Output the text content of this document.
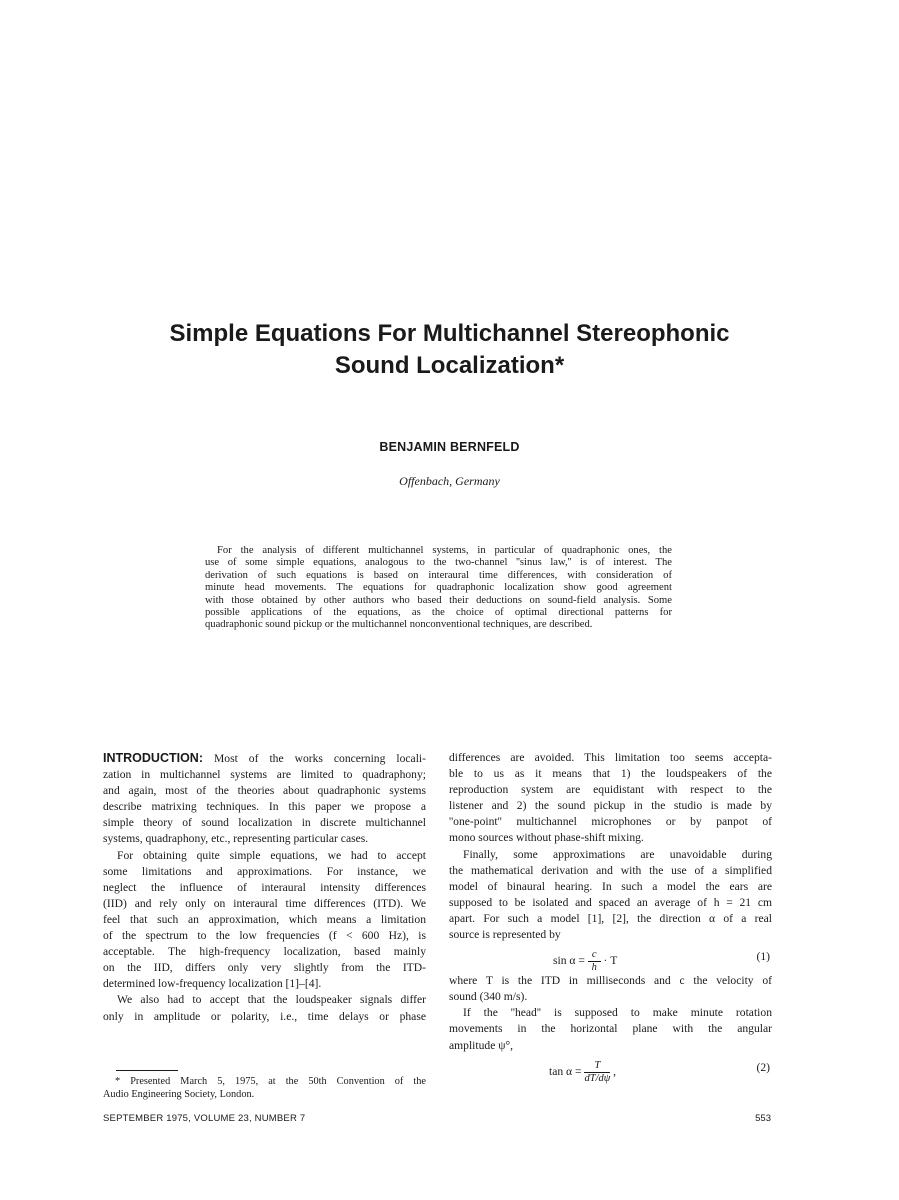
Simple Equations For Multichannel Stereophonic
Sound Localization*
BENJAMIN BERNFELD
Offenbach, Germany
For the analysis of different multichannel systems, in particular of quadraphonic ones, the
use of some simple equations, analogous to the two-channel ''sinus law,'' is of interest. The
derivation of such equations is based on interaural time differences, with consideration of
minute head movements. The equations for quadraphonic localization show good agreement
with those obtained by other authors who based their deductions on sound-field analysis. Some
possible applications of the equations, as the choice of optimal directional patterns for
quadraphonic sound pickup or the multichannel nonconventional techniques, are described.
INTRODUCTION: Most of the works concerning locali-
zation in multichannel systems are limited to quadraphony;
and again, most of the theories about quadraphonic systems
describe matrixing techniques. In this paper we propose a
simple theory of sound localization in discrete multichannel
systems, quadraphony, etc., representing particular cases.
For obtaining quite simple equations, we had to accept
some limitations and approximations. For instance, we
neglect the influence of interaural intensity differences
(IID) and rely only on interaural time differences (ITD). We
feel that such an approximation, which means a limitation
of the spectrum to the low frequencies (f < 600 Hz), is
acceptable. The high-frequency localization, based mainly
on the IID, differs only very slightly from the ITD-
determined low-frequency localization [1]–[4].
We also had to accept that the loudspeaker signals differ
only in amplitude or polarity, i.e., time delays or phase
differences are avoided. This limitation too seems accepta-
ble to us as it means that 1) the loudspeakers of the
reproduction system are equidistant with respect to the
listener and 2) the sound pickup in the studio is made by
''one-point'' multichannel microphones or by panpot of
mono sources without phase-shift mixing.
Finally, some approximations are unavoidable during
the mathematical derivation and with the use of a simplified
model of binaural hearing. In such a model the ears are
supposed to be isolated and spaced an average of h = 21 cm
apart. For such a model [1], [2], the direction α of a real
source is represented by
$\sin \alpha = \frac{c}{h} \cdot T$	(1)
where T is the ITD in milliseconds and c the velocity of
sound (340 m/s).
If the ''head'' is supposed to make minute rotation
movements in the horizontal plane with the angular
amplitude ψ°,
$\tan \alpha = \frac{T}{dT/d\psi}$ ,	(2)
* Presented March 5, 1975, at the 50th Convention of the
Audio Engineering Society, London.
SEPTEMBER 1975, VOLUME 23, NUMBER 7	553
